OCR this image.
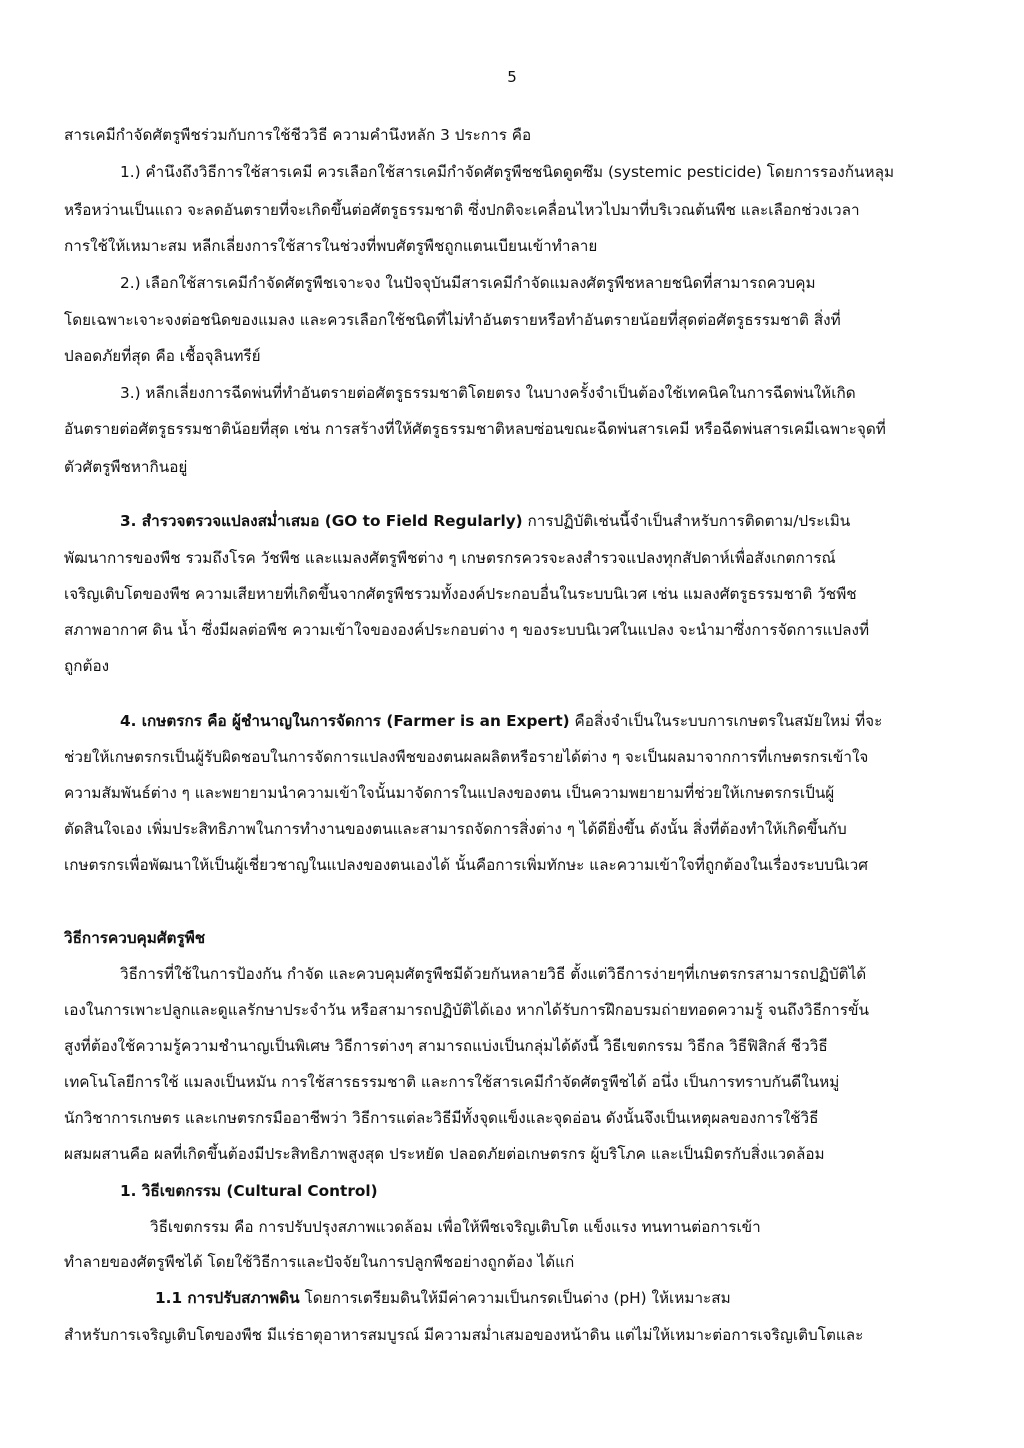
5
สารเคมีกำจัดศัตรูพืชร่วมกับการใช้ชีววิธี ความคำนึงหลัก 3 ประการ คือ
1.) คำนึงถึงวิธีการใช้สารเคมี ควรเลือกใช้สารเคมีกำจัดศัตรูพืชชนิดดูดซึม (systemic pesticide) โดยการรองก้นหลุม
หรือหว่านเป็นแถว จะลดอันตรายที่จะเกิดขึ้นต่อศัตรูธรรมชาติ ซึ่งปกติจะเคลื่อนไหวไปมาที่บริเวณต้นพืช และเลือกช่วงเวลา
การใช้ให้เหมาะสม หลีกเลี่ยงการใช้สารในช่วงที่พบศัตรูพืชถูกแตนเบียนเข้าทำลาย
2.) เลือกใช้สารเคมีกำจัดศัตรูพืชเจาะจง ในปัจจุบันมีสารเคมีกำจัดแมลงศัตรูพืชหลายชนิดที่สามารถควบคุม
โดยเฉพาะเจาะจงต่อชนิดของแมลง และควรเลือกใช้ชนิดที่ไม่ทำอันตรายหรือทำอันตรายน้อยที่สุดต่อศัตรูธรรมชาติ สิ่งที่
ปลอดภัยที่สุด คือ เชื้อจุลินทรีย์
3.) หลีกเลี่ยงการฉีดพ่นที่ทำอันตรายต่อศัตรูธรรมชาติโดยตรง ในบางครั้งจำเป็นต้องใช้เทคนิคในการฉีดพ่นให้เกิด
อันตรายต่อศัตรูธรรมชาติน้อยที่สุด เช่น การสร้างที่ให้ศัตรูธรรมชาติหลบซ่อนขณะฉีดพ่นสารเคมี หรือฉีดพ่นสารเคมีเฉพาะจุดที่
ตัวศัตรูพืชหากินอยู่
3. สำรวจตรวจแปลงสม่ำเสมอ (GO to Field Regularly) การปฏิบัติเช่นนี้จำเป็นสำหรับการติดตาม/ประเมิน
พัฒนาการของพืช รวมถึงโรค วัชพืช และแมลงศัตรูพืชต่าง ๆ เกษตรกรควรจะลงสำรวจแปลงทุกสัปดาห์เพื่อสังเกตการณ์
เจริญเติบโตของพืช ความเสียหายที่เกิดขึ้นจากศัตรูพืชรวมทั้งองค์ประกอบอื่นในระบบนิเวศ เช่น แมลงศัตรูธรรมชาติ วัชพืช
สภาพอากาศ ดิน น้ำ ซึ่งมีผลต่อพืช ความเข้าใจขององค์ประกอบต่าง ๆ ของระบบนิเวศในแปลง จะนำมาซึ่งการจัดการแปลงที่
ถูกต้อง
4. เกษตรกร คือ ผู้ชำนาญในการจัดการ (Farmer is an Expert) คือสิ่งจำเป็นในระบบการเกษตรในสมัยใหม่ ที่จะ
ช่วยให้เกษตรกรเป็นผู้รับผิดชอบในการจัดการแปลงพืชของตนผลผลิตหรือรายได้ต่าง ๆ จะเป็นผลมาจากการที่เกษตรกรเข้าใจ
ความสัมพันธ์ต่าง ๆ และพยายามนำความเข้าใจนั้นมาจัดการในแปลงของตน เป็นความพยายามที่ช่วยให้เกษตรกรเป็นผู้
ตัดสินใจเอง เพิ่มประสิทธิภาพในการทำงานของตนและสามารถจัดการสิ่งต่าง ๆ ได้ดียิ่งขึ้น ดังนั้น สิ่งที่ต้องทำให้เกิดขึ้นกับ
เกษตรกรเพื่อพัฒนาให้เป็นผู้เชี่ยวชาญในแปลงของตนเองได้ นั้นคือการเพิ่มทักษะ และความเข้าใจที่ถูกต้องในเรื่องระบบนิเวศ
วิธีการควบคุมศัตรูพืช
วิธีการที่ใช้ในการป้องกัน กำจัด และควบคุมศัตรูพืชมีด้วยกันหลายวิธี ตั้งแต่วิธีการง่ายๆที่เกษตรกรสามารถปฏิบัติได้
เองในการเพาะปลูกและดูแลรักษาประจำวัน หรือสามารถปฏิบัติได้เอง หากได้รับการฝึกอบรมถ่ายทอดความรู้ จนถึงวิธีการขั้น
สูงที่ต้องใช้ความรู้ความชำนาญเป็นพิเศษ วิธีการต่างๆ สามารถแบ่งเป็นกลุ่มได้ดังนี้ วิธีเขตกรรม วิธีกล วิธีฟิสิกส์ ชีววิธี
เทคโนโลยีการใช้ แมลงเป็นหมัน การใช้สารธรรมชาติ และการใช้สารเคมีกำจัดศัตรูพืชได้ อนึ่ง เป็นการทราบกันดีในหมู่
นักวิชาการเกษตร และเกษตรกรมืออาชีพว่า วิธีการแต่ละวิธีมีทั้งจุดแข็งและจุดอ่อน ดังนั้นจึงเป็นเหตุผลของการใช้วิธี
ผสมผสานคือ ผลที่เกิดขึ้นต้องมีประสิทธิภาพสูงสุด ประหยัด ปลอดภัยต่อเกษตรกร ผู้บริโภค และเป็นมิตรกับสิ่งแวดล้อม
1. วิธีเขตกรรม (Cultural Control)
วิธีเขตกรรม คือ การปรับปรุงสภาพแวดล้อม เพื่อให้พืชเจริญเติบโต แข็งแรง ทนทานต่อการเข้า
ทำลายของศัตรูพืชได้ โดยใช้วิธีการและปัจจัยในการปลูกพืชอย่างถูกต้อง ได้แก่
1.1 การปรับสภาพดิน โดยการเตรียมดินให้มีค่าความเป็นกรดเป็นด่าง (pH) ให้เหมาะสม
สำหรับการเจริญเติบโตของพืช มีแร่ธาตุอาหารสมบูรณ์ มีความสม่ำเสมอของหน้าดิน แต่ไม่ให้เหมาะต่อการเจริญเติบโตและ
